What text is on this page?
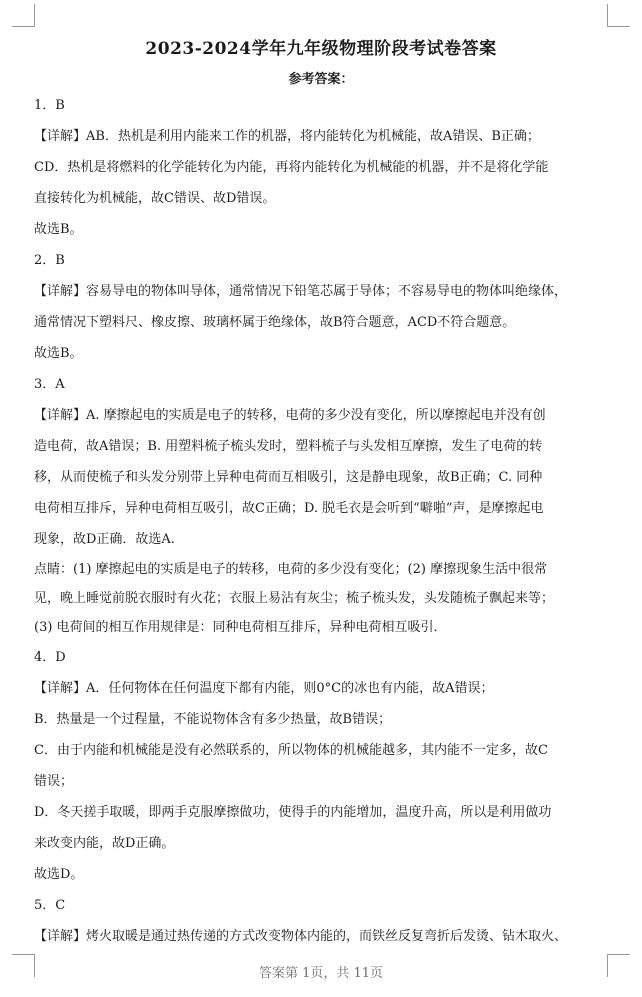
2023-2024学年九年级物理阶段考试卷答案
参考答案：
1．B
【详解】AB．热机是利用内能来工作的机器，将内能转化为机械能，故A错误、B正确；
CD．热机是将燃料的化学能转化为内能，再将内能转化为机械能的机器，并不是将化学能
直接转化为机械能，故C错误、故D错误。
故选B。
2．B
【详解】容易导电的物体叫导体，通常情况下铅笔芯属于导体；不容易导电的物体叫绝缘体，
通常情况下塑料尺、橡皮擦、玻璃杯属于绝缘体，故B符合题意，ACD不符合题意。
故选B。
3．A
【详解】A. 摩擦起电的实质是电子的转移，电荷的多少没有变化，所以摩擦起电并没有创
造电荷，故A错误；B. 用塑料梳子梳头发时，塑料梳子与头发相互摩擦，发生了电荷的转
移，从而使梳子和头发分别带上异种电荷而互相吸引，这是静电现象，故B正确；C. 同种
电荷相互排斥，异种电荷相互吸引，故C正确；D. 脱毛衣是会听到“噼啪”声，是摩擦起电
现象，故D正确．故选A.
点睛：(1) 摩擦起电的实质是电子的转移，电荷的多少没有变化；(2) 摩擦现象生活中很常
见，晚上睡觉前脱衣服时有火花；衣服上易沾有灰尘；梳子梳头发，头发随梳子飘起来等；
(3) 电荷间的相互作用规律是：同种电荷相互排斥，异种电荷相互吸引．
4．D
【详解】A．任何物体在任何温度下都有内能，则0°C的冰也有内能，故A错误；
B．热量是一个过程量，不能说物体含有多少热量，故B错误；
C．由于内能和机械能是没有必然联系的，所以物体的机械能越多，其内能不一定多，故C
错误；
D．冬天搓手取暖，即两手克服摩擦做功，使得手的内能增加，温度升高，所以是利用做功
来改变内能，故D正确。
故选D。
5．C
【详解】烤火取暖是通过热传递的方式改变物体内能的，而铁丝反复弯折后发烫、钻木取火、
答案第 1页，共 11页
